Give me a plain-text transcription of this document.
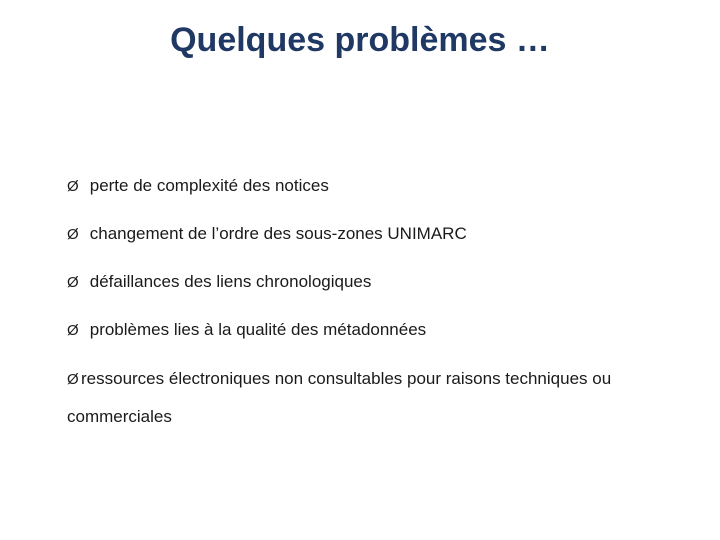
Quelques problèmes …
Ø perte de complexité des notices
Ø changement de l’ordre des sous-zones UNIMARC
Ø défaillances des liens chronologiques
Ø problèmes lies à la qualité des métadonnées
Ø ressources électroniques non consultables pour raisons techniques ou commerciales
